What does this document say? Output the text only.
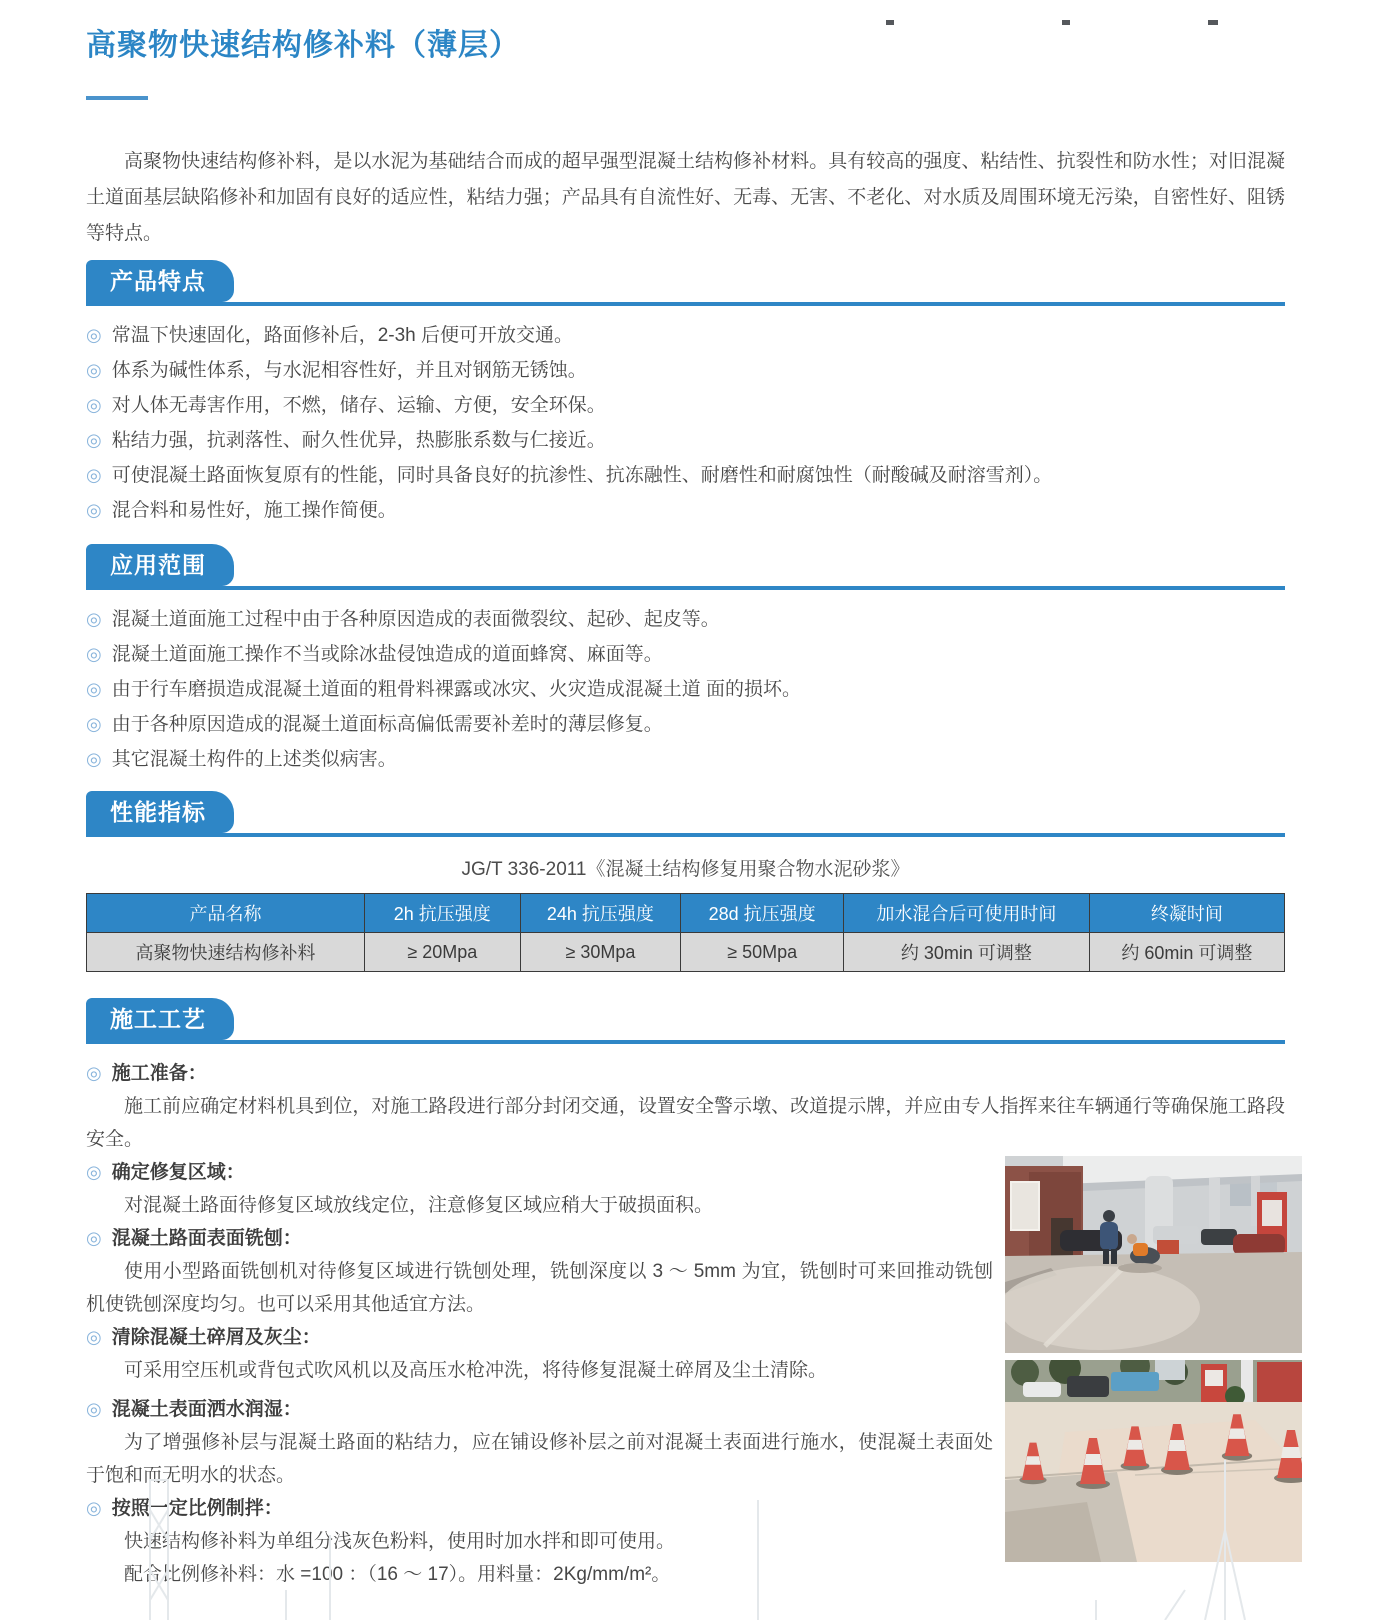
高聚物快速结构修补料（薄层）

高聚物快速结构修补料，是以水泥为基础结合而成的超早强型混凝土结构修补材料。具有较高的强度、粘结性、抗裂性和防水性；对旧混凝土道面基层缺陷修补和加固有良好的适应性，粘结力强；产品具有自流性好、无毒、无害、不老化、对水质及周围环境无污染，自密性好、阻锈等特点。

产品特点
◎ 常温下快速固化，路面修补后，2-3h 后便可开放交通。
◎ 体系为碱性体系，与水泥相容性好，并且对钢筋无锈蚀。
◎ 对人体无毒害作用，不燃，储存、运输、方便，安全环保。
◎ 粘结力强，抗剥落性、耐久性优异，热膨胀系数与仁接近。
◎ 可使混凝土路面恢复原有的性能，同时具备良好的抗渗性、抗冻融性、耐磨性和耐腐蚀性（耐酸碱及耐溶雪剂）。
◎ 混合料和易性好，施工操作简便。
应用范围
◎ 混凝土道面施工过程中由于各种原因造成的表面微裂纹、起砂、起皮等。
◎ 混凝土道面施工操作不当或除冰盐侵蚀造成的道面蜂窝、麻面等。
◎ 由于行车磨损造成混凝土道面的粗骨料裸露或冰灾、火灾造成混凝土道 面的损坏。
◎ 由于各种原因造成的混凝土道面标高偏低需要补差时的薄层修复。
◎ 其它混凝土构件的上述类似病害。
性能指标

JG/T 336-2011《混凝土结构修复用聚合物水泥砂浆》

产品名称	2h 抗压强度	24h 抗压强度	28d 抗压强度	加水混合后可使用时间	终凝时间
高聚物快速结构修补料	≥ 20Mpa	≥ 30Mpa	≥ 50Mpa	约 30min 可调整	约 60min 可调整
施工工艺

◎ 施工准备：

施工前应确定材料机具到位，对施工路段进行部分封闭交通，设置安全警示墩、改道提示牌，并应由专人指挥来往车辆通行等确保施工路段安全。

◎ 确定修复区域：

对混凝土路面待修复区域放线定位，注意修复区域应稍大于破损面积。

◎ 混凝土路面表面铣刨：

使用小型路面铣刨机对待修复区域进行铣刨处理，铣刨深度以 3 ～ 5mm 为宜，铣刨时可来回推动铣刨机使铣刨深度均匀。也可以采用其他适宜方法。

◎ 清除混凝土碎屑及灰尘：

可采用空压机或背包式吹风机以及高压水枪冲洗，将待修复混凝土碎屑及尘土清除。

◎ 混凝土表面洒水润湿：

为了增强修补层与混凝土路面的粘结力，应在铺设修补层之前对混凝土表面进行施水，使混凝土表面处于饱和而无明水的状态。

◎ 按照一定比例制拌：

快速结构修补料为单组分浅灰色粉料，使用时加水拌和即可使用。

配合比例修补料：水 =100 ：（16 ～ 17）。用料量：2Kg/mm/m²。
